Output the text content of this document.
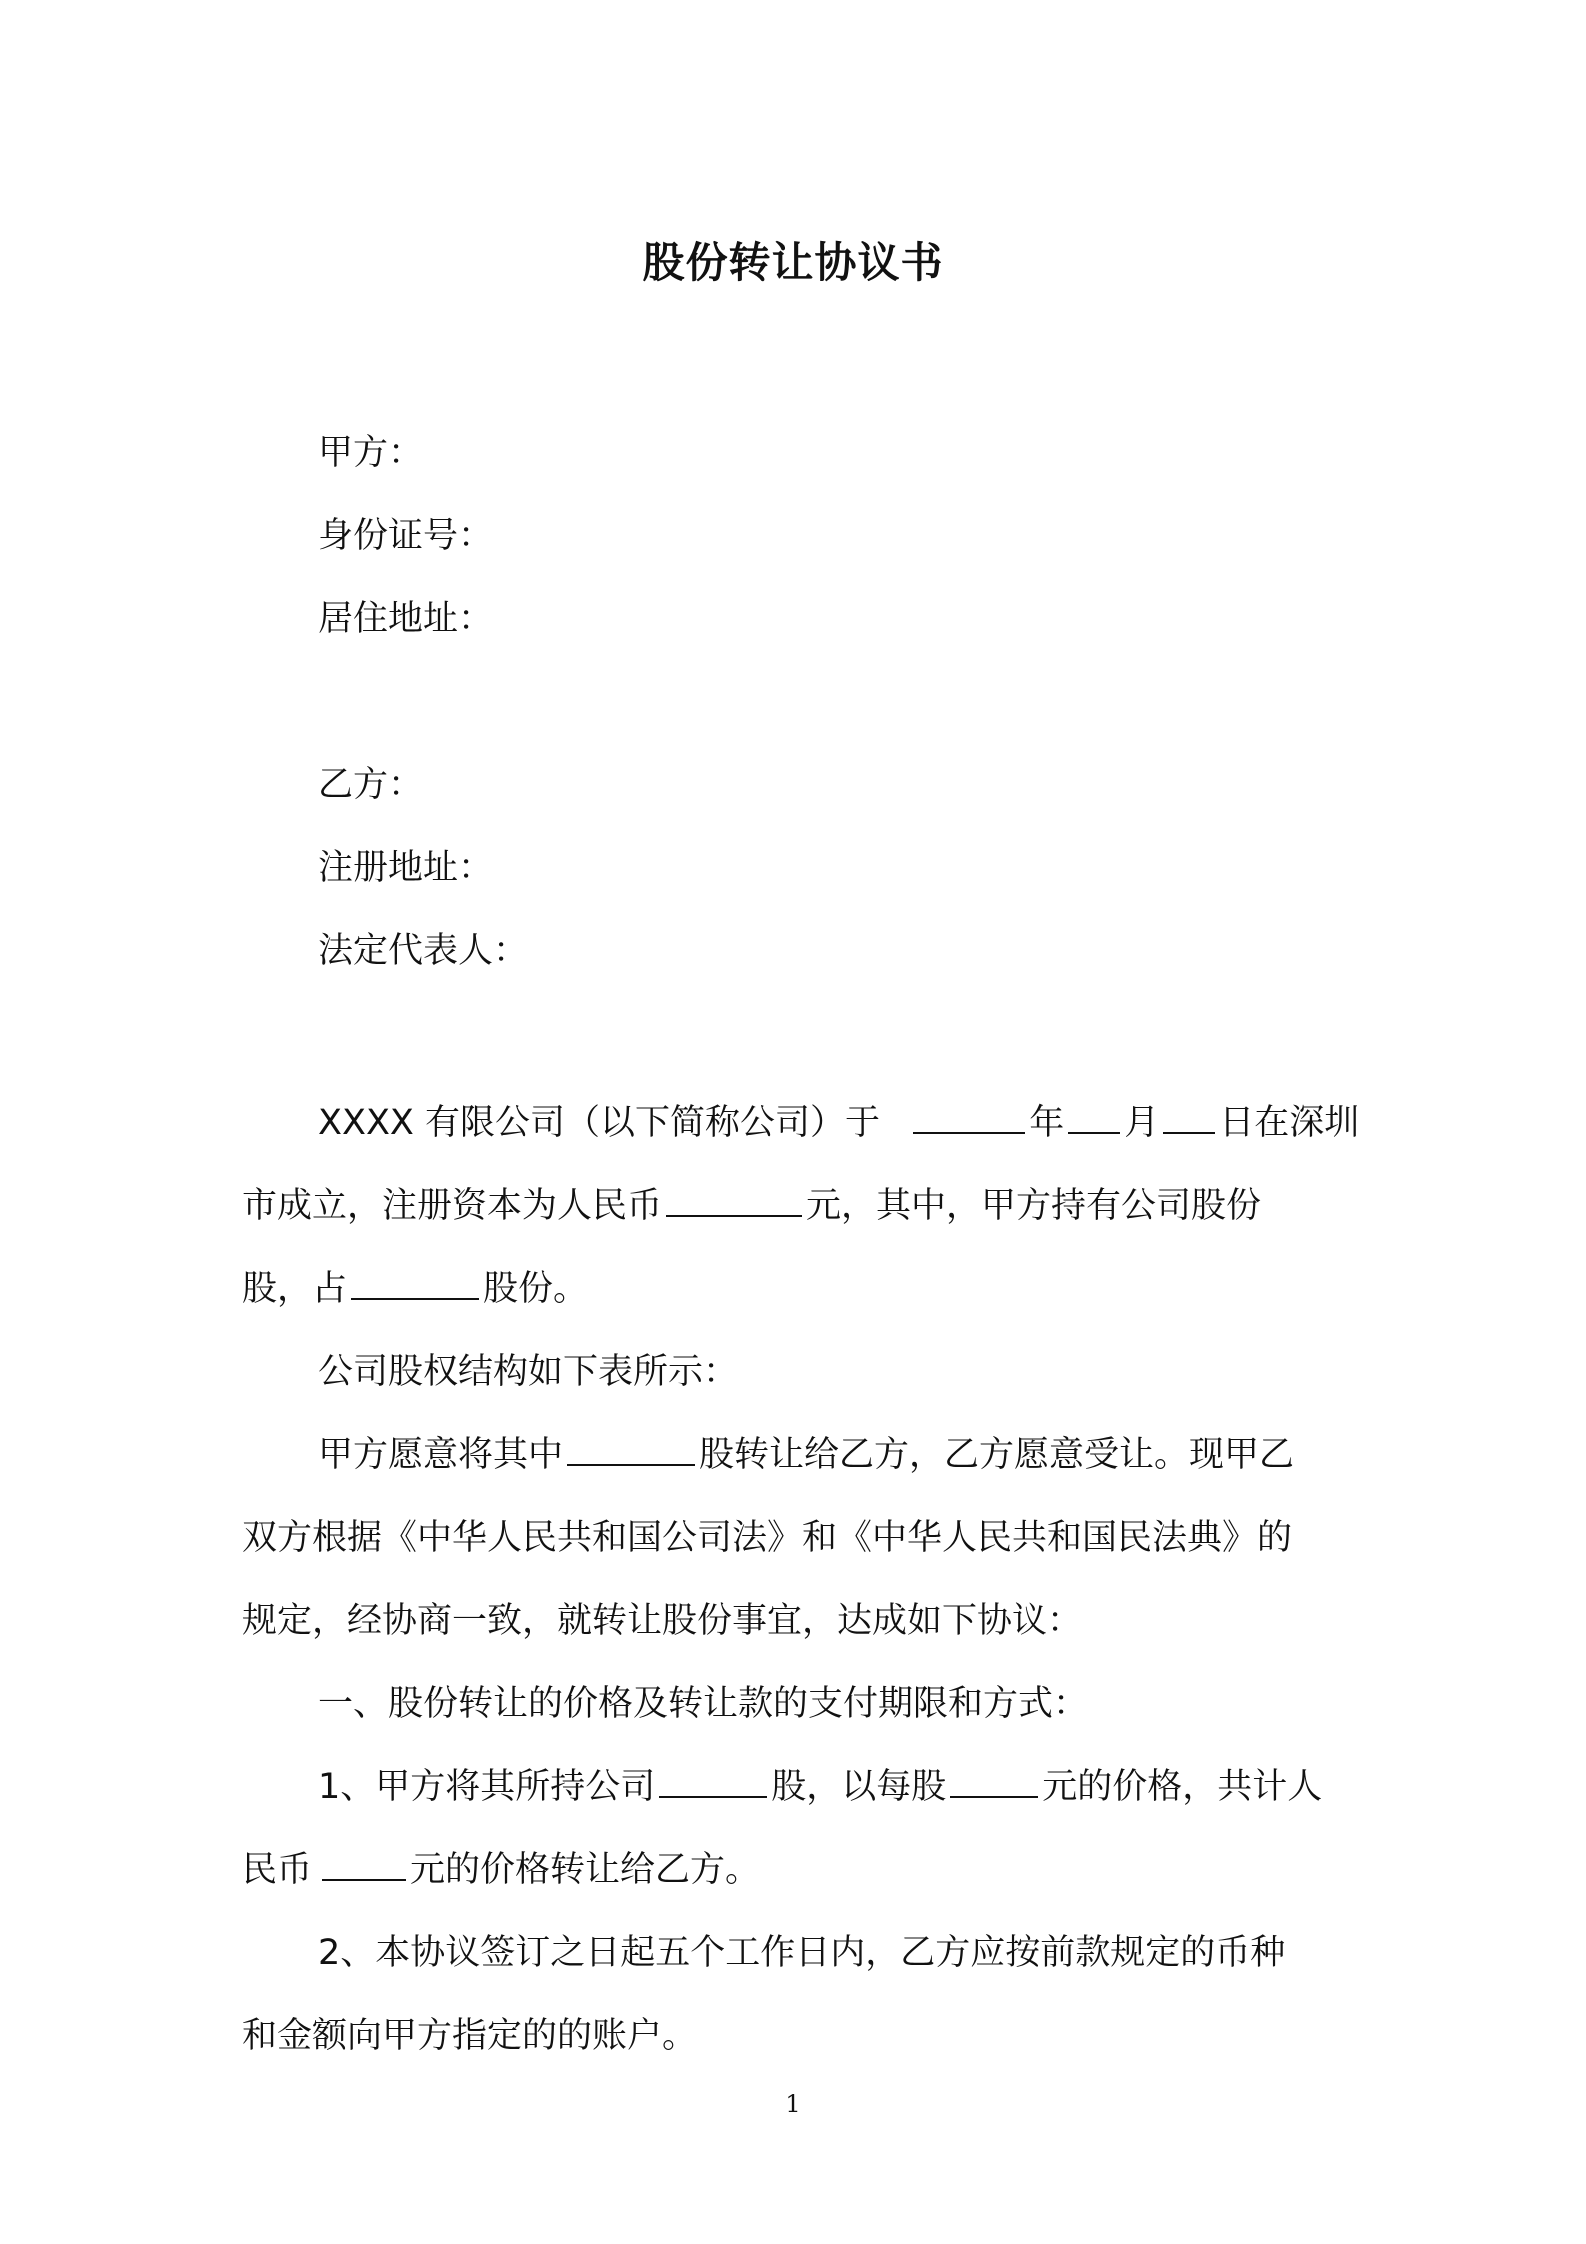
股份转让协议书
甲方：
身份证号：
居住地址：
乙方：
注册地址：
法定代表人：
XXXX 有限公司（以下简称公司）于	年 月 日在深圳
市成立，注册资本为人民币	元，其中，甲方持有公司股份
股，占	股份。
公司股权结构如下表所示：
甲方愿意将其中	股转让给乙方，乙方愿意受让。现甲乙
双方根据《中华人民共和国公司法》和《中华人民共和国民法典》的
规定，经协商一致，就转让股份事宜，达成如下协议：
一、股份转让的价格及转让款的支付期限和方式：
1、甲方将其所持公司	股，以每股	元的价格，共计人
民币	元的价格转让给乙方。
2、本协议签订之日起五个工作日内，乙方应按前款规定的币种
和金额向甲方指定的的账户。
1
